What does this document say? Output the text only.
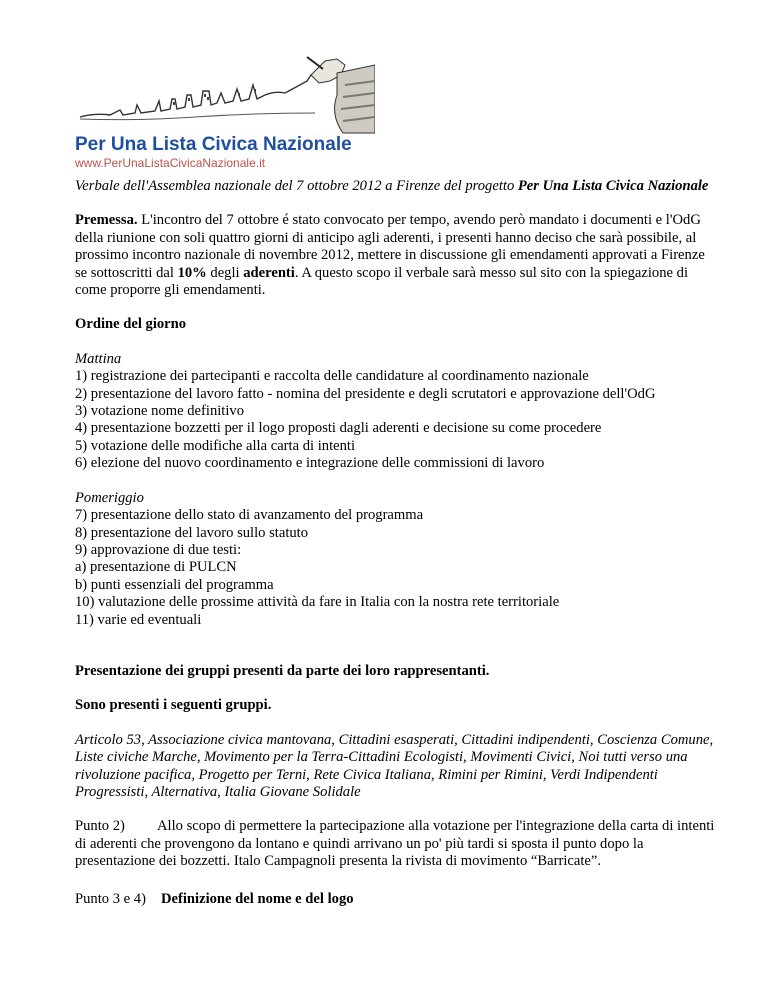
Per Una Lista Civica Nazionale
www.PerUnaListaCivicaNazionale.it

Verbale dell'Assemblea nazionale del 7 ottobre 2012 a Firenze del progetto Per Una Lista Civica Nazionale

Premessa. L'incontro del 7 ottobre é stato convocato per tempo, avendo però mandato i documenti e l'OdG della riunione con soli quattro giorni di anticipo agli aderenti, i presenti hanno deciso che sarà possibile, al prossimo incontro nazionale di novembre 2012, mettere in discussione gli emendamenti approvati a Firenze se sottoscritti dal 10% degli aderenti. A questo scopo il verbale sarà messo sul sito con la spiegazione di come proporre gli emendamenti.

Ordine del giorno

Mattina
1) registrazione dei partecipanti e raccolta delle candidature al coordinamento nazionale
2) presentazione del lavoro fatto - nomina del presidente e degli scrutatori e approvazione dell'OdG
3) votazione nome definitivo
4) presentazione bozzetti per il logo proposti dagli aderenti e decisione su come procedere
5) votazione delle modifiche alla carta di intenti
6) elezione del nuovo coordinamento e integrazione delle commissioni di lavoro

Pomeriggio
7) presentazione dello stato di avanzamento del programma
8) presentazione del lavoro sullo statuto
9) approvazione di due testi:
a) presentazione di PULCN
b) punti essenziali del programma
10) valutazione delle prossime attività da fare in Italia con la nostra rete territoriale
11) varie ed eventuali

Presentazione dei gruppi presenti da parte dei loro rappresentanti.

Sono presenti i seguenti gruppi.

Articolo 53, Associazione civica mantovana, Cittadini esasperati, Cittadini indipendenti, Coscienza Comune, Liste civiche Marche, Movimento per la Terra-Cittadini Ecologisti, Movimenti Civici, Noi tutti verso una rivoluzione pacifica, Progetto per Terni, Rete Civica Italiana, Rimini per Rimini, Verdi Indipendenti Progressisti, Alternativa, Italia Giovane Solidale

Punto 2) Allo scopo di permettere la partecipazione alla votazione per l'integrazione della carta di intenti di aderenti che provengono da lontano e quindi arrivano un po' più tardi si sposta il punto dopo la presentazione dei bozzetti. Italo Campagnoli presenta la rivista di movimento “Barricate”.

Punto 3 e 4) Definizione del nome e del logo
